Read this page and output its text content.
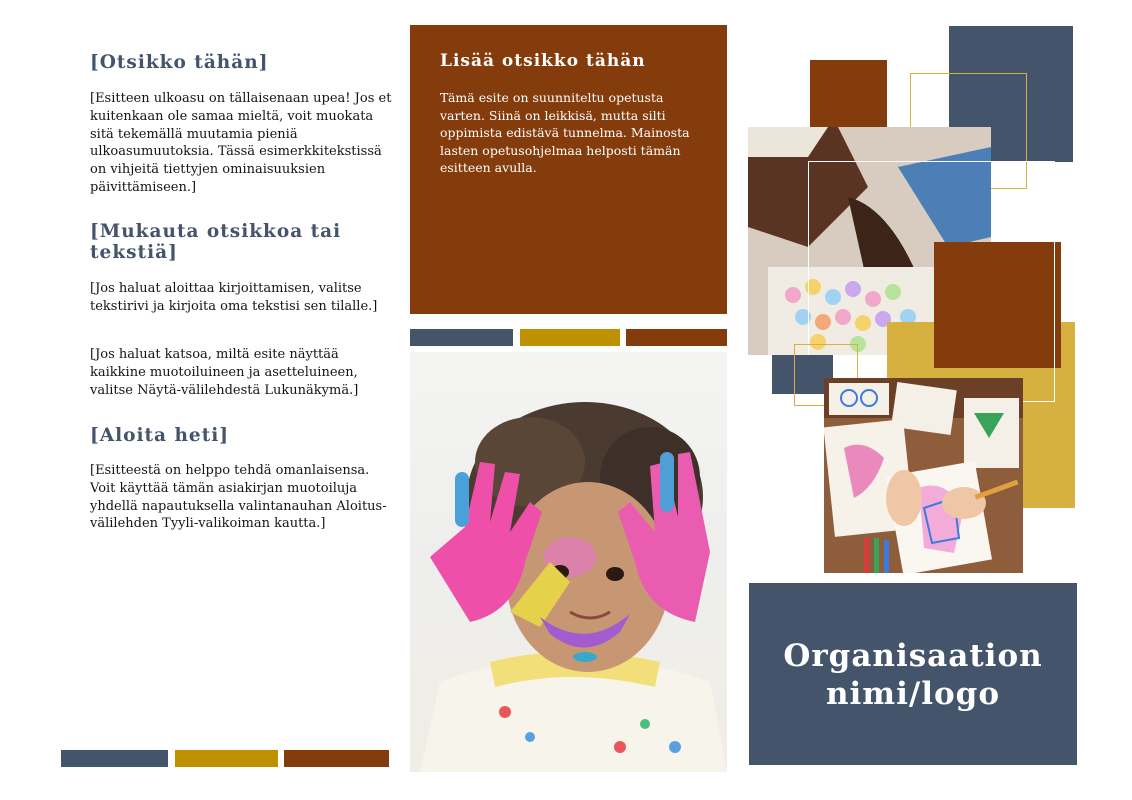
[Otsikko tähän]

[Esitteen ulkoasu on tällaisenaan upea! Jos et kuitenkaan ole samaa mieltä, voit muokata sitä tekemällä muutamia pieniä ulkoasumuutoksia. Tässä esimerkkitekstissä on vihjeitä tiettyjen ominaisuuksien päivittämiseen.]

[Mukauta otsikkoa tai tekstiä]

[Jos haluat aloittaa kirjoittamisen, valitse tekstirivi ja kirjoita oma tekstisi sen tilalle.]

[Jos haluat katsoa, miltä esite näyttää kaikkine muotoiluineen ja asetteluineen, valitse Näytä-välilehdestä Lukunäkymä.]

[Aloita heti]

[Esitteestä on helppo tehdä omanlaisensa. Voit käyttää tämän asiakirjan muotoiluja yhdellä napautuksella valintanauhan Aloitus-välilehden Tyyli-valikoiman kautta.]

Lisää otsikko tähän

Tämä esite on suunniteltu opetusta varten. Siinä on leikkisä, mutta silti oppimista edistävä tunnelma. Mainosta lasten opetusohjelmaa helposti tämän esitteen avulla.

Organisaation nimi/logo
